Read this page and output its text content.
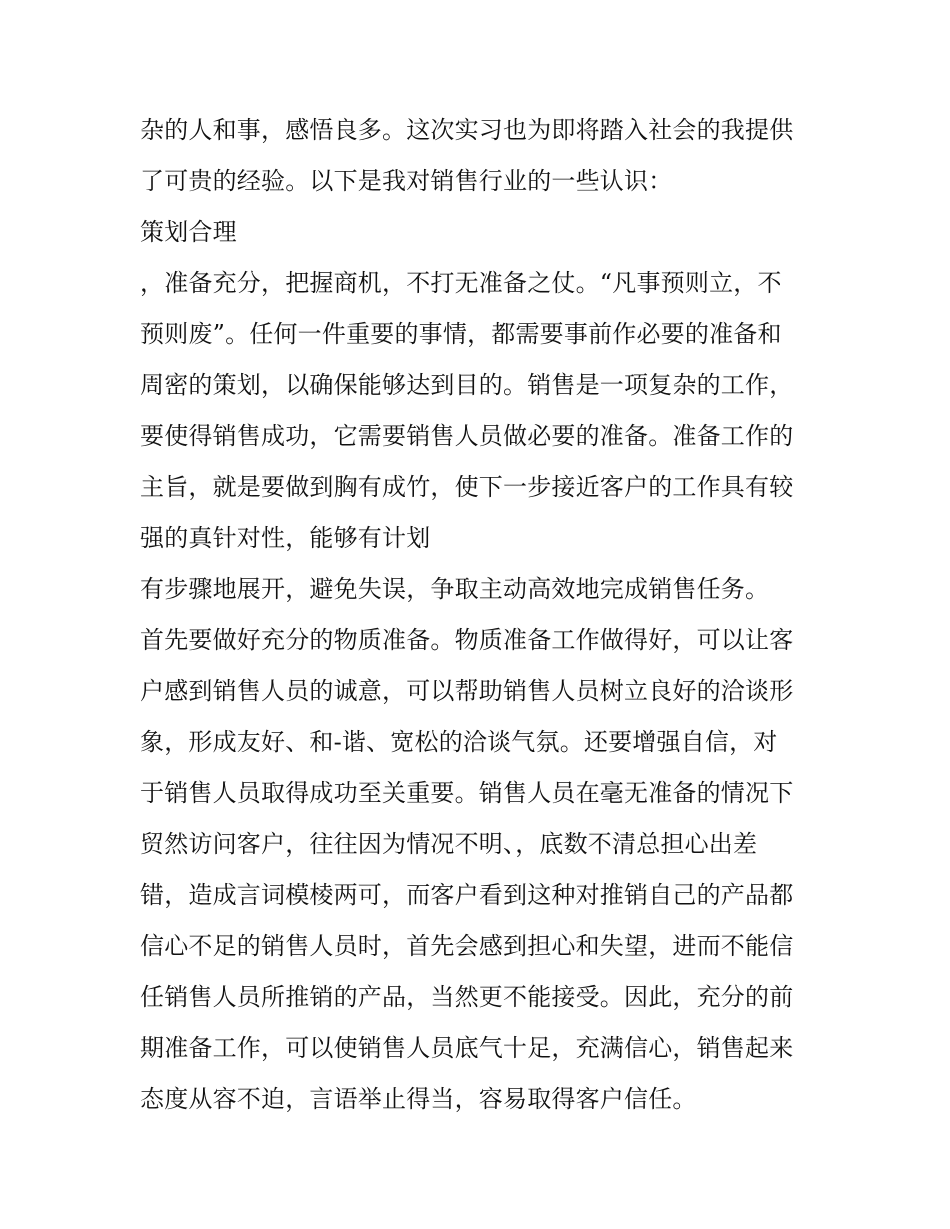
杂的人和事，感悟良多。这次实习也为即将踏入社会的我提供
了可贵的经验。以下是我对销售行业的一些认识：
策划合理
，准备充分，把握商机，不打无准备之仗。“凡事预则立，不
预则废”。任何一件重要的事情，都需要事前作必要的准备和
周密的策划，以确保能够达到目的。销售是一项复杂的工作，
要使得销售成功，它需要销售人员做必要的准备。准备工作的
主旨，就是要做到胸有成竹，使下一步接近客户的工作具有较
强的真针对性，能够有计划
有步骤地展开，避免失误，争取主动高效地完成销售任务。
首先要做好充分的物质准备。物质准备工作做得好，可以让客
户感到销售人员的诚意，可以帮助销售人员树立良好的洽谈形
象，形成友好、和-谐、宽松的洽谈气氛。还要增强自信，对
于销售人员取得成功至关重要。销售人员在毫无准备的情况下
贸然访问客户，往往因为情况不明、，底数不清总担心出差
错，造成言词模棱两可，而客户看到这种对推销自己的产品都
信心不足的销售人员时，首先会感到担心和失望，进而不能信
任销售人员所推销的产品，当然更不能接受。因此，充分的前
期准备工作，可以使销售人员底气十足，充满信心，销售起来
态度从容不迫，言语举止得当，容易取得客户信任。
